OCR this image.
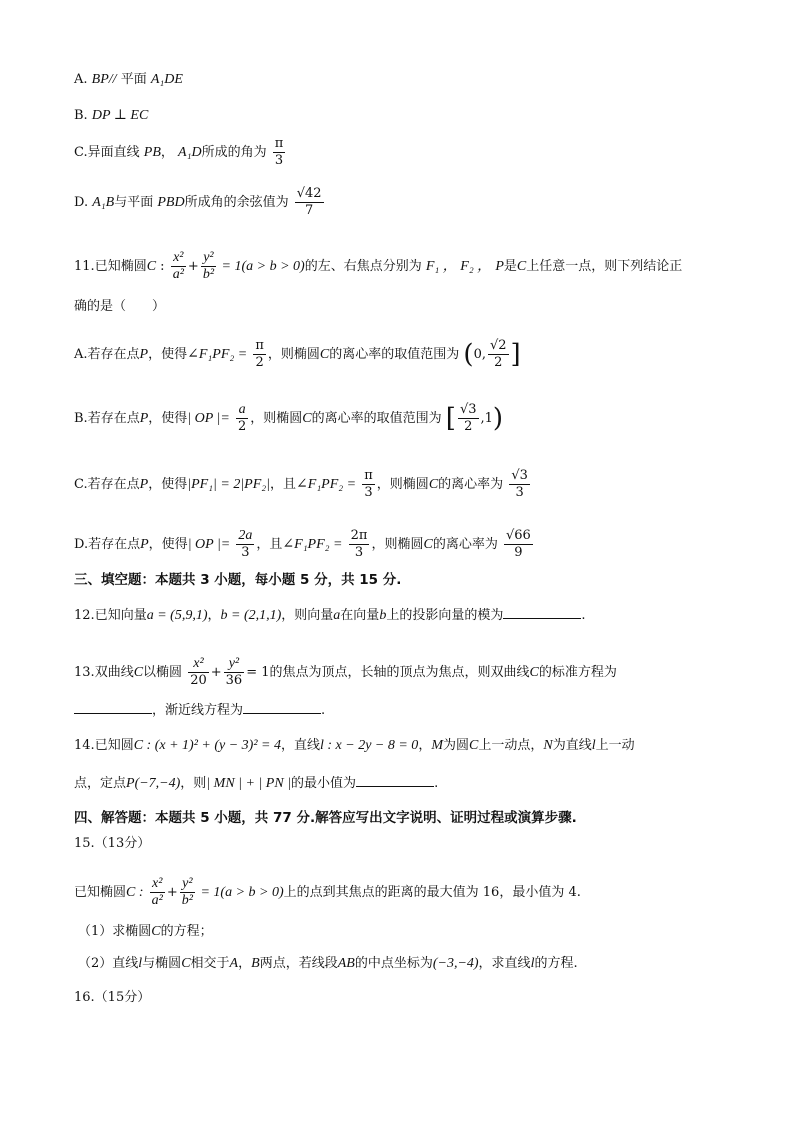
A. BP// 平面 A₁DE
B. DP ⊥ EC
C.异面直线 PB， A₁D所成的角为 $\frac{\pi}{3}$
D. A₁B与平面 PBD所成角的余弦值为 $\frac{√42}{7}$
11.已知椭圆C : $\frac{\text{x²}}{\text{a²}} + \frac{\text{y²}}{\text{b²}} = 1(a > b > 0)$的左、右焦点分别为 F₁ ， F₂ ， P是C上任意一点，则下列结论正
确的是（　　）
A.若存在点P，使得∠F₁PF₂ = $\frac{\pi}{2}$ ，则椭圆C的离心率的取值范围为 (0, $\frac{√2}{2}$ ]
B.若存在点P，使得| OP |= $\frac{a}{2}$ ，则椭圆C的离心率的取值范围为 [ $\frac{√3}{2} ,1$)
C.若存在点P，使得|PF₁| = 2|PF₂|，且∠F₁PF₂ = $\frac{\pi}{3}$ ，则椭圆C的离心率为 $\frac{√3}{3}$
D.若存在点P，使得| OP |= $\frac{2a}{3}$ ，且∠F₁PF₂ = $\frac{2\pi}{3}$ ，则椭圆C的离心率为 $\frac{√66}{9}$
三、填空题：本题共 3 小题，每小题 5 分，共 15 分.
12.已知向量a = (5,9,1)，b = (2,1,1)，则向量a在向量b上的投影向量的模为	.
13.双曲线C以椭圆 $\frac{\text{x²}}{20} + \frac{\text{y²}}{36} = 1$的焦点为顶点，长轴的顶点为焦点，则双曲线C的标准方程为
，渐近线方程为	.
14.已知圆C : (x + 1)² + (y − 3)² = 4，直线l : x − 2y − 8 = 0，M为圆C上一动点，N为直线l上一动
点，定点P(−7,−4)，则| MN | + | PN |的最小值为	.
四、解答题：本题共 5 小题，共 77 分.解答应写出文字说明、证明过程或演算步骤.
15.（13分）
已知椭圆C : $\frac{\text{x²}}{\text{a²}} + \frac{\text{y²}}{\text{b²}} = 1(a > b > 0)$上的点到其焦点的距离的最大值为 16，最小值为 4.
（1）求椭圆C的方程；
（2）直线l与椭圆C相交于A，B两点，若线段AB的中点坐标为(−3,−4)，求直线l的方程.
16.（15分）
